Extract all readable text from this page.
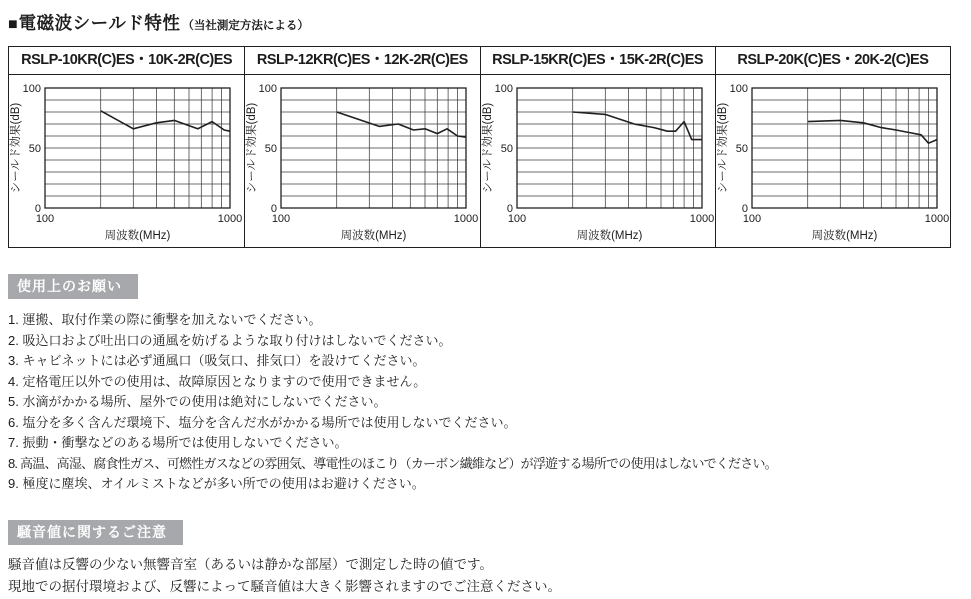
■ 電磁波シールド特性 （当社測定方法による）
RSLP-10KR(C)ES・10K-2R(C)ES
0
50
100
100	1000
周波数(MHz)
シールド効果(dB)
RSLP-12KR(C)ES・12K-2R(C)ES
0
50
100
100	1000
周波数(MHz)
シールド効果(dB)
RSLP-15KR(C)ES・15K-2R(C)ES
0
50
100
100	1000
周波数(MHz)
シールド効果(dB)
RSLP-20K(C)ES・20K-2(C)ES
0
50
100
100	1000
周波数(MHz)
シールド効果(dB)
使用上のお願い
1. 運搬、取付作業の際に衝撃を加えないでください。
2. 吸込口および吐出口の通風を妨げるような取り付けはしないでください。
3. キャビネットには必ず通風口（吸気口、排気口）を設けてください。
4. 定格電圧以外での使用は、故障原因となりますので使用できません。
5. 水滴がかかる場所、屋外での使用は絶対にしないでください。
6. 塩分を多く含んだ環境下、塩分を含んだ水がかかる場所では使用しないでください。
7. 振動・衝撃などのある場所では使用しないでください。
8. 高温、高湿、腐食性ガス、可燃性ガスなどの雰囲気、導電性のほこり（カーボン繊維など）が浮遊する場所での使用はしないでください。
9. 極度に塵埃、オイルミストなどが多い所での使用はお避けください。
騒音値に関するご注意
騒音値は反響の少ない無響音室（あるいは静かな部屋）で測定した時の値です。
現地での据付環境および、反響によって騒音値は大きく影響されますのでご注意ください。
